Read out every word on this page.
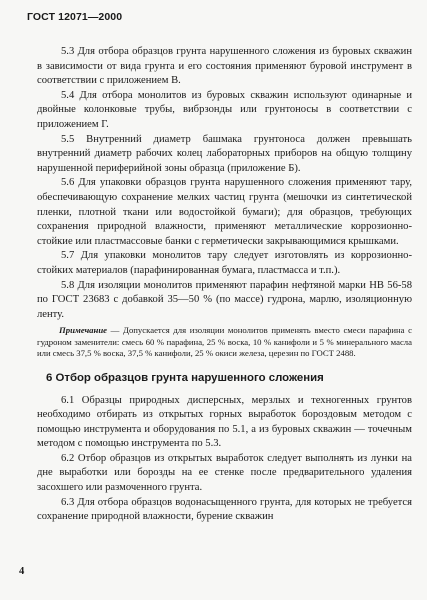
ГОСТ 12071—2000

5.3 Для отбора образцов грунта нарушенного сложения из буровых скважин в зависимости от вида грунта и его состояния применяют буровой инструмент в соответствии с приложением В.

5.4 Для отбора монолитов из буровых скважин используют одинарные и двойные колонковые трубы, вибрзонды или грунтоносы в соответствии с приложением Г.

5.5 Внутренний диаметр башмака грунтоноса должен превышать внутренний диаметр рабочих колец лабораторных приборов на общую толщину нарушенной периферийной зоны образца (приложение Б).

5.6 Для упаковки образцов грунта нарушенного сложения применяют тару, обеспечивающую сохранение мелких частиц грунта (мешочки из синтетической пленки, плотной ткани или водостойкой бумаги); для образцов, требующих сохранения природной влажности, применяют металлические коррозионно-стойкие или пластмассовые банки с герметически закрывающимися крышками.

5.7 Для упаковки монолитов тару следует изготовлять из коррозионно-стойких материалов (парафинированная бумага, пластмасса и т.п.).

5.8 Для изоляции монолитов применяют парафин нефтяной марки НВ 56-58 по ГОСТ 23683 с добавкой 35—50 % (по массе) гудрона, марлю, изоляционную ленту.

Примечание — Допускается для изоляции монолитов применять вместо смеси парафина с гудроном заменители: смесь 60 % парафина, 25 % воска, 10 % канифоли и 5 % минерального масла или смесь 37,5 % воска, 37,5 % канифоли, 25 % окиси железа, церезин по ГОСТ 2488.

6 Отбор образцов грунта нарушенного сложения

6.1 Образцы природных дисперсных, мерзлых и техногенных грунтов необходимо отбирать из открытых горных выработок бороздовым методом с помощью инструмента и оборудования по 5.1, а из буровых скважин — точечным методом с помощью инструмента по 5.3.

6.2 Отбор образцов из открытых выработок следует выполнять из лунки на дне выработки или борозды на ее стенке после предварительного удаления засохшего или размоченного грунта.

6.3 Для отбора образцов водонасыщенного грунта, для которых не требуется сохранение природной влажности, бурение скважин

4
